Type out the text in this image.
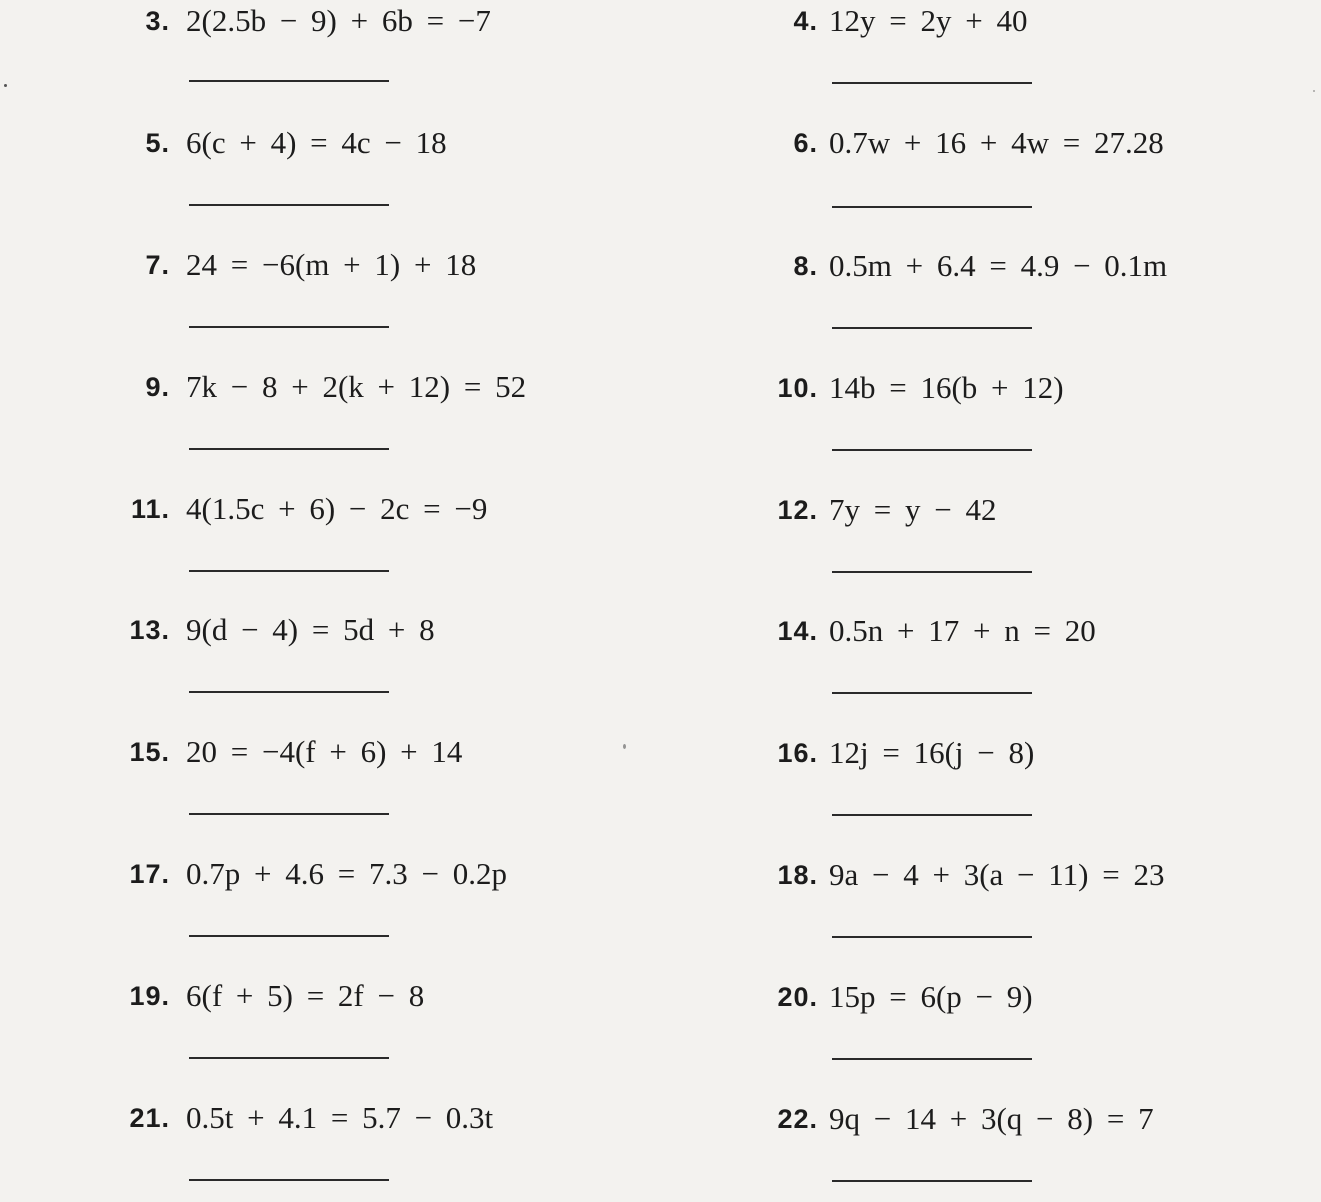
3. 2(2.5b − 9) + 6b = −7	4. 12y = 2y + 40
5. 6(c + 4) = 4c − 18	6. 0.7w + 16 + 4w = 27.28
7. 24 = −6(m + 1) + 18	8. 0.5m + 6.4 = 4.9 − 0.1m
9. 7k − 8 + 2(k + 12) = 52	10. 14b = 16(b + 12)
11. 4(1.5c + 6) − 2c = −9	12. 7y = y − 42
13. 9(d − 4) = 5d + 8	14. 0.5n + 17 + n = 20
15. 20 = −4(f + 6) + 14	16. 12j = 16(j − 8)
17. 0.7p + 4.6 = 7.3 − 0.2p	18. 9a − 4 + 3(a − 11) = 23
19. 6(f + 5) = 2f − 8	20. 15p = 6(p − 9)
21. 0.5t + 4.1 = 5.7 − 0.3t	22. 9q − 14 + 3(q − 8) = 7
